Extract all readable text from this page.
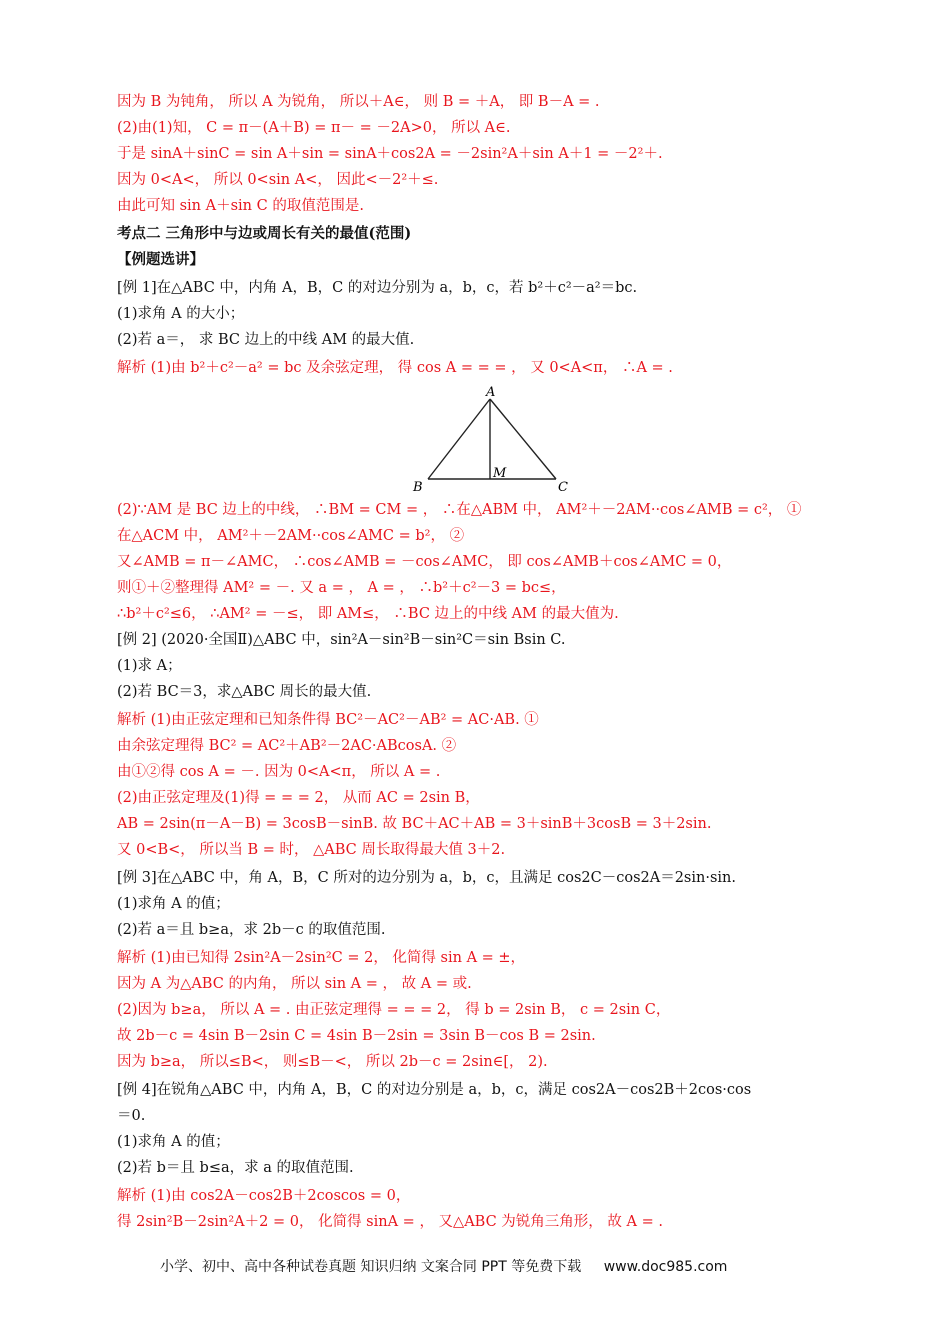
因为 B 为钝角， 所以 A 为锐角， 所以＋A∈， 则 B = ＋A， 即 B－A = .
(2)由(1)知， C = π－(A＋B) = π－ = －2A>0， 所以 A∈.
于是 sinA＋sinC = sin A＋sin = sinA＋cos2A = －2sin²A＋sin A＋1 = －2²＋.
因为 0<A<， 所以 0<sin A<， 因此<－2²＋≤.
由此可知 sin A＋sin C 的取值范围是.
考点二 三角形中与边或周长有关的最值(范围)
【例题选讲】
[例 1]在△ABC 中，内角 A，B，C 的对边分别为 a，b，c，若 b²＋c²－a²＝bc.
(1)求角 A 的大小；
(2)若 a＝， 求 BC 边上的中线 AM 的最大值.
解析 (1)由 b²＋c²－a² = bc 及余弦定理， 得 cos A = = = ， 又 0<A<π， ∴A = .
A
B	C
M
(2)∵AM 是 BC 边上的中线， ∴BM = CM = ， ∴在△ABM 中， AM²＋－2AM··cos∠AMB = c²， ①
在△ACM 中， AM²＋－2AM··cos∠AMC = b²， ②
又∠AMB = π－∠AMC， ∴cos∠AMB = －cos∠AMC， 即 cos∠AMB＋cos∠AMC = 0，
则①＋②整理得 AM² = －. 又 a = ， A = ， ∴b²＋c²－3 = bc≤，
∴b²＋c²≤6， ∴AM² = －≤， 即 AM≤， ∴BC 边上的中线 AM 的最大值为.
[例 2] (2020·全国Ⅱ)△ABC 中，sin²A－sin²B－sin²C＝sin Bsin C.
(1)求 A；
(2)若 BC＝3，求△ABC 周长的最大值.
解析 (1)由正弦定理和已知条件得 BC²－AC²－AB² = AC·AB. ①
由余弦定理得 BC² = AC²＋AB²－2AC·ABcosA. ②
由①②得 cos A = －. 因为 0<A<π， 所以 A = .
(2)由正弦定理及(1)得 = = = 2， 从而 AC = 2sin B，
AB = 2sin(π－A－B) = 3cosB－sinB. 故 BC＋AC＋AB = 3＋sinB＋3cosB = 3＋2sin.
又 0<B<， 所以当 B = 时， △ABC 周长取得最大值 3＋2.
[例 3]在△ABC 中，角 A，B，C 所对的边分别为 a，b，c，且满足 cos2C－cos2A＝2sin·sin.
(1)求角 A 的值；
(2)若 a＝且 b≥a，求 2b－c 的取值范围.
解析 (1)由已知得 2sin²A－2sin²C = 2， 化简得 sin A = ±，
因为 A 为△ABC 的内角， 所以 sin A = ， 故 A = 或.
(2)因为 b≥a， 所以 A = . 由正弦定理得 = = = 2， 得 b = 2sin B， c = 2sin C，
故 2b－c = 4sin B－2sin C = 4sin B－2sin = 3sin B－cos B = 2sin.
因为 b≥a， 所以≤B<， 则≤B－<， 所以 2b－c = 2sin∈[， 2).
[例 4]在锐角△ABC 中，内角 A，B，C 的对边分别是 a，b，c，满足 cos2A－cos2B＋2cos·cos
＝0.
(1)求角 A 的值；
(2)若 b＝且 b≤a，求 a 的取值范围.
解析 (1)由 cos2A－cos2B＋2coscos = 0，
得 2sin²B－2sin²A＋2 = 0， 化简得 sinA = ， 又△ABC 为锐角三角形， 故 A = .
小学、初中、高中各种试卷真题 知识归纳 文案合同 PPT 等免费下载 www.doc985.com
